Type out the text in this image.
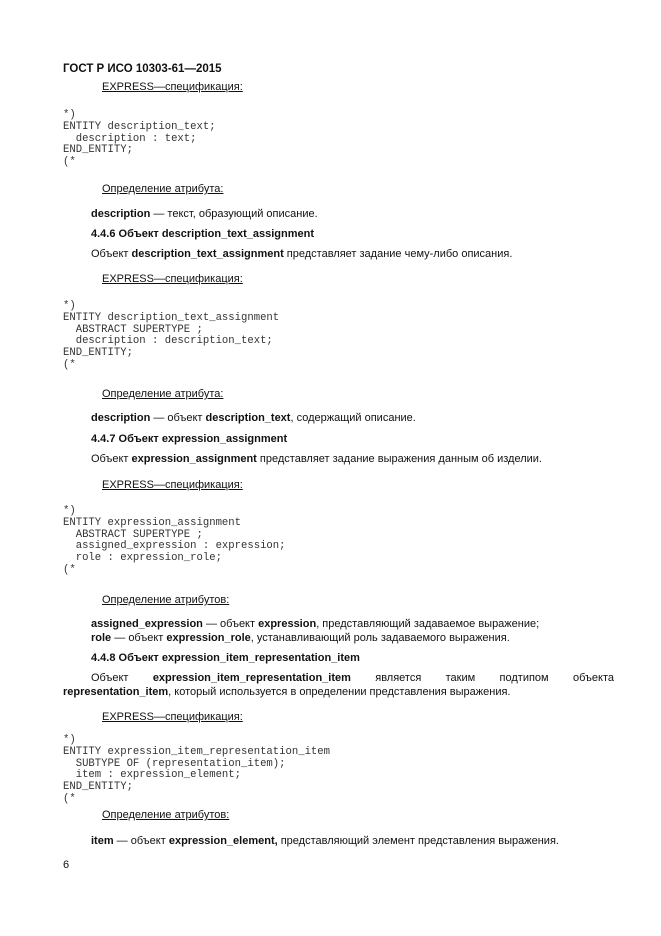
ГОСТ Р ИСО 10303-61—2015
EXPRESS—спецификация:
*)
ENTITY description_text;
description : text;
END_ENTITY;
(*
Определение атрибута:
description — текст, образующий описание.
4.4.6 Объект description_text_assignment
Объект description_text_assignment представляет задание чему-либо описания.
EXPRESS—спецификация:
*)
ENTITY description_text_assignment
ABSTRACT SUPERTYPE ;
description : description_text;
END_ENTITY;
(*
Определение атрибута:
description — объект description_text, содержащий описание.
4.4.7 Объект expression_assignment
Объект expression_assignment представляет задание выражения данным об изделии.
EXPRESS—спецификация:
*)
ENTITY expression_assignment
ABSTRACT SUPERTYPE ;
assigned_expression : expression;
role : expression_role;
(*
Определение атрибутов:
assigned_expression — объект expression, представляющий задаваемое выражение;
role — объект expression_role, устанавливающий роль задаваемого выражения.
4.4.8 Объект expression_item_representation_item
Объект expression_item_representation_item является таким подтипом объекта
representation_item, который используется в определении представления выражения.
EXPRESS—спецификация:
*)
ENTITY expression_item_representation_item
SUBTYPE OF (representation_item);
item : expression_element;
END_ENTITY;
(*
Определение атрибутов:
item — объект expression_element, представляющий элемент представления выражения.
6
